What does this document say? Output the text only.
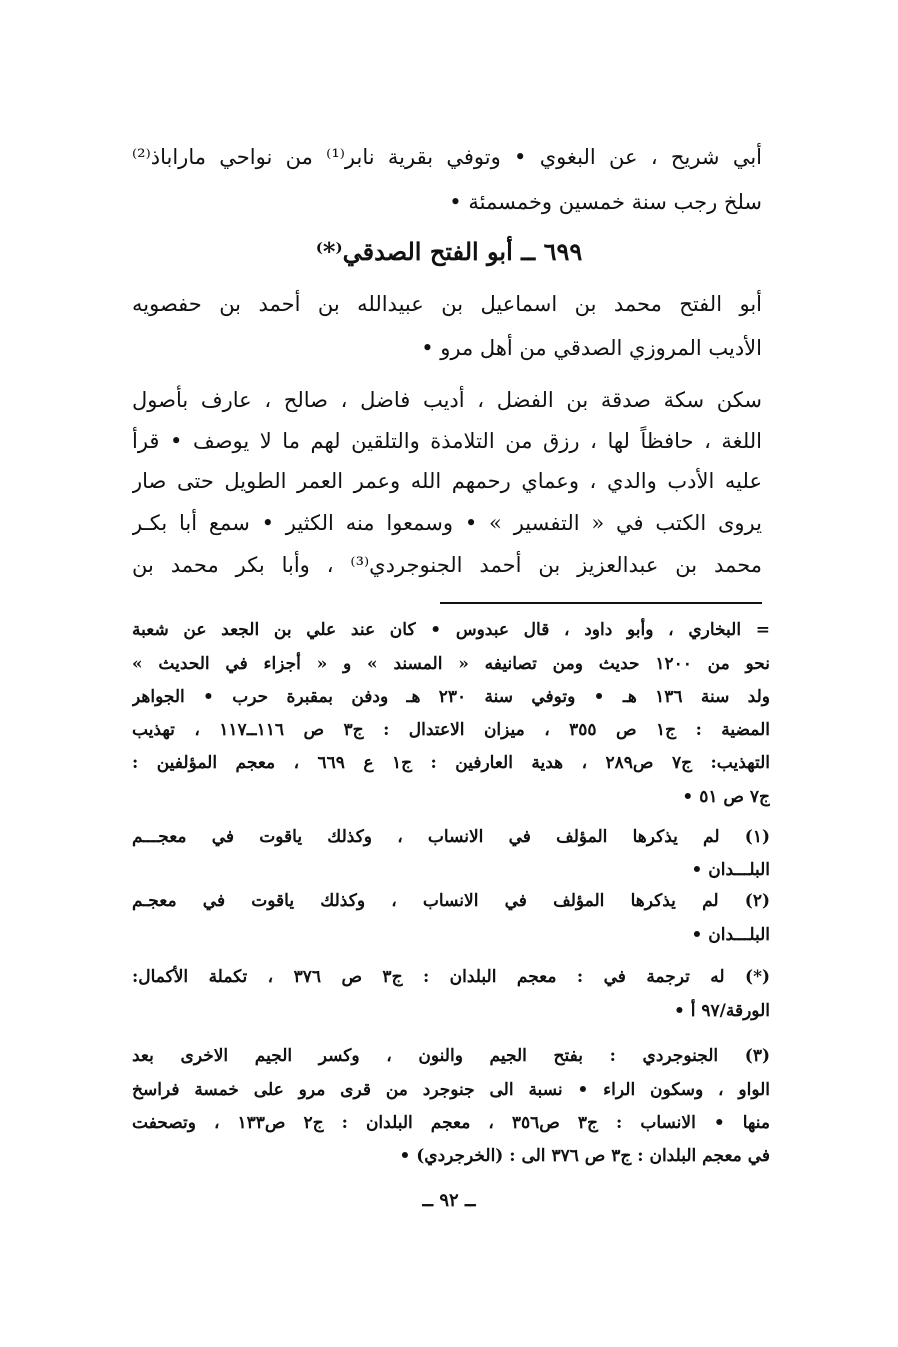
أبي شريح ، عن البغوي • وتوفي بقرية نابر⁽¹⁾ من نواحي ماراباذ⁽²⁾
سلخ رجب سنة خمسين وخمسمئة •
٦٩٩ ــ أبو الفتح الصدقي⁽*⁾
أبو الفتح محمد بن اسماعيل بن عبيدالله بن أحمد بن حفصويه
الأديب المروزي الصدقي من أهل مرو •
سكن سكة صدقة بن الفضل ، أديب فاضل ، صالح ، عارف بأصول
اللغة ، حافظاً لها ، رزق من التلامذة والتلقين لهم ما لا يوصف • قرأ
عليه الأدب والدي ، وعماي رحمهم الله وعمر العمر الطويل حتى صار
يروى الكتب في « التفسير » • وسمعوا منه الكثير • سمع أبا بكـر
محمد بن عبدالعزيز بن أحمد الجنوجردي⁽³⁾ ، وأبا بكر محمد بن
= البخاري ، وأبو داود ، قال عبدوس • كان عند علي بن الجعد عن شعبة
نحو من ١٢٠٠ حديث ومن تصانيفه « المسند » و « أجزاء في الحديث »
ولد سنة ١٣٦ هـ • وتوفي سنة ٢٣٠ هـ ودفن بمقبرة حرب • الجواهر
المضية : ج١ ص ٣٥٥ ، ميزان الاعتدال : ج٣ ص ١١٦ــ١١٧ ، تهذيب
التهذيب: ج٧ ص٢٨٩ ، هدية العارفين : ج١ ع ٦٦٩ ، معجم المؤلفين :
ج٧ ص ٥١ •
(١) لم يذكرها المؤلف في الانساب ، وكذلك ياقوت في معجـــم
البلـــدان •
(٢) لم يذكرها المؤلف في الانساب ، وكذلك ياقوت في معجـم
البلـــدان •
(*) له ترجمة في : معجم البلدان : ج٣ ص ٣٧٦ ، تكملة الأكمال:
الورقة/٩٧ أ •
(٣) الجنوجردي : بفتح الجيم والنون ، وكسر الجيم الاخرى بعد
الواو ، وسكون الراء • نسبة الى جنوجرد من قرى مرو على خمسة فراسخ
منها • الانساب : ج٣ ص٣٥٦ ، معجم البلدان : ج٢ ص١٣٣ ، وتصحفت
في معجم البلدان : ج٣ ص ٣٧٦ الى : (الخرجردي) •
ــ ٩٢ ــ
